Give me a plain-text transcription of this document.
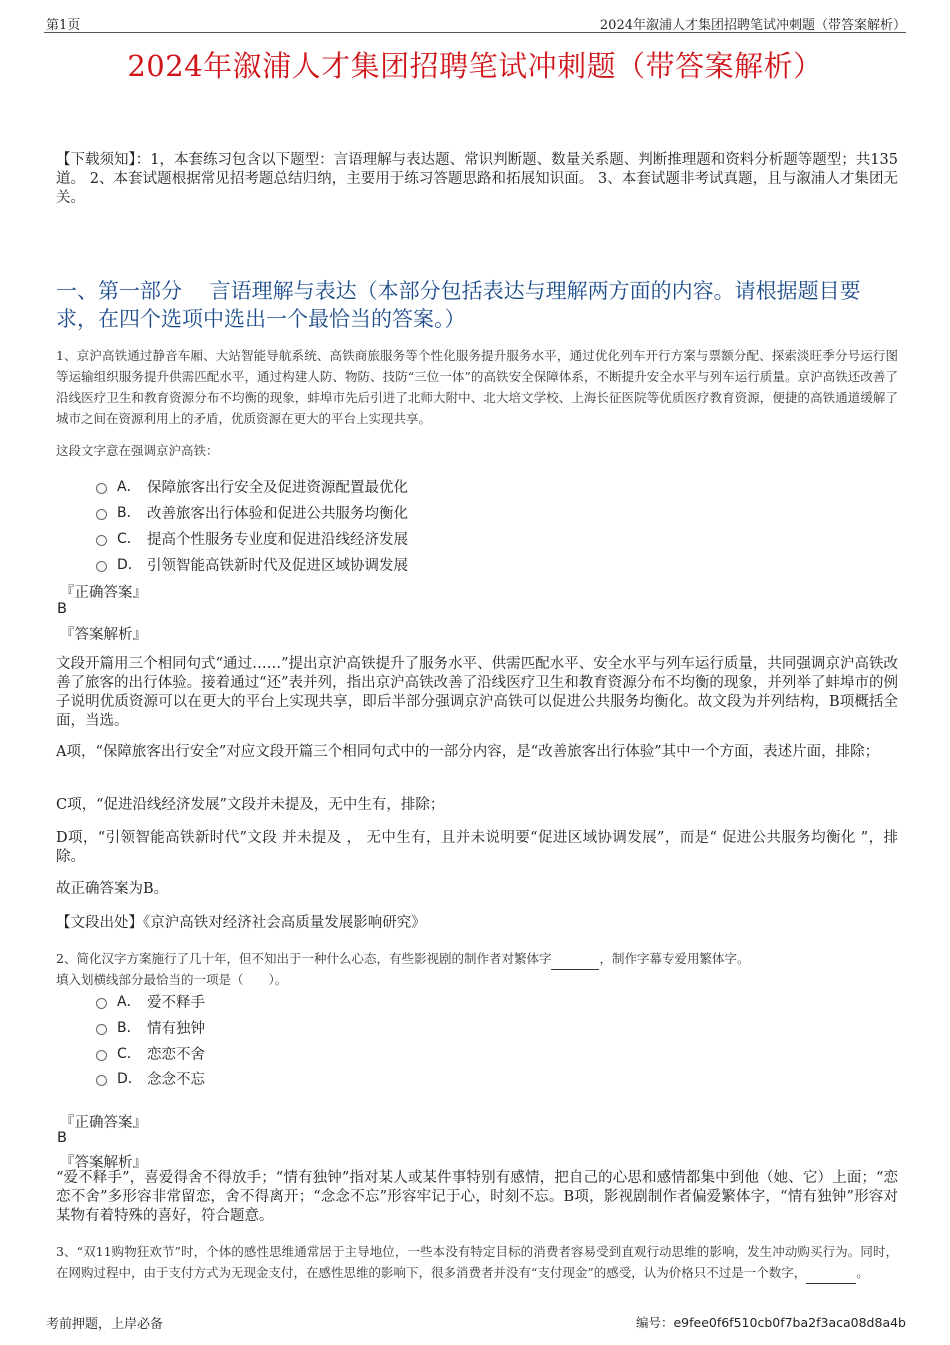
第1页	2024年溆浦人才集团招聘笔试冲刺题（带答案解析）
2024年溆浦人才集团招聘笔试冲刺题（带答案解析）
【下载须知】：1，本套练习包含以下题型：言语理解与表达题、常识判断题、数量关系题、判断推理题和资料分析题等题型；共135道。 2、本套试题根据常见招考题总结归纳，主要用于练习答题思路和拓展知识面。 3、本套试题非考试真题，且与溆浦人才集团无关。
一、第一部分　 言语理解与表达（本部分包括表达与理解两方面的内容。请根据题目要求，在四个选项中选出一个最恰当的答案。）
1、京沪高铁通过静音车厢、大站智能导航系统、高铁商旅服务等个性化服务提升服务水平，通过优化列车开行方案与票额分配、探索淡旺季分号运行图等运输组织服务提升供需匹配水平，通过构建人防、物防、技防“三位一体”的高铁安全保障体系，不断提升安全水平与列车运行质量。京沪高铁还改善了沿线医疗卫生和教育资源分布不均衡的现象，蚌埠市先后引进了北师大附中、北大培文学校、上海长征医院等优质医疗教育资源，便捷的高铁通道缓解了城市之间在资源利用上的矛盾，优质资源在更大的平台上实现共享。
这段文字意在强调京沪高铁：
A． 保障旅客出行安全及促进资源配置最优化
B． 改善旅客出行体验和促进公共服务均衡化
C． 提高个性服务专业度和促进沿线经济发展
D． 引领智能高铁新时代及促进区域协调发展
『正确答案』
B
『答案解析』
文段开篇用三个相同句式“通过……”提出京沪高铁提升了服务水平、供需匹配水平、安全水平与列车运行质量，共同强调京沪高铁改善了旅客的出行体验。接着通过“还”表并列，指出京沪高铁改善了沿线医疗卫生和教育资源分布不均衡的现象，并列举了蚌埠市的例子说明优质资源可以在更大的平台上实现共享，即后半部分强调京沪高铁可以促进公共服务均衡化。故文段为并列结构，B项概括全面，当选。
A项，“保障旅客出行安全”对应文段开篇三个相同句式中的一部分内容，是“改善旅客出行体验”其中一个方面，表述片面，排除；
C项，“促进沿线经济发展”文段并未提及，无中生有，排除；
D项，“引领智能高铁新时代”文段 并未提及 ， 无中生有，且并未说明要“促进区域协调发展”，而是“ 促进公共服务均衡化 ”，排除。
故正确答案为B。
【文段出处】《京沪高铁对经济社会高质量发展影响研究》
2、简化汉字方案施行了几十年，但不知出于一种什么心态，有些影视剧的制作者对繁体字	，制作字幕专爱用繁体字。
填入划横线部分最恰当的一项是（　　）。
A． 爱不释手
B． 情有独钟
C． 恋恋不舍
D． 念念不忘
『正确答案』
B
『答案解析』
“爱不释手”，喜爱得舍不得放手；“情有独钟”指对某人或某件事特别有感情，把自己的心思和感情都集中到他（她、它）上面；“恋恋不舍”多形容非常留恋，舍不得离开；“念念不忘”形容牢记于心，时刻不忘。B项，影视剧制作者偏爱繁体字，“情有独钟”形容对某物有着特殊的喜好，符合题意。
3、“双11购物狂欢节”时，个体的感性思维通常居于主导地位，一些本没有特定目标的消费者容易受到直观行动思维的影响，发生冲动购买行为。同时，在网购过程中，由于支付方式为无现金支付，在感性思维的影响下，很多消费者并没有“支付现金”的感受，认为价格只不过是一个数字，	。
考前押题，上岸必备	编号：e9fee0f6f510cb0f7ba2f3aca08d8a4b
